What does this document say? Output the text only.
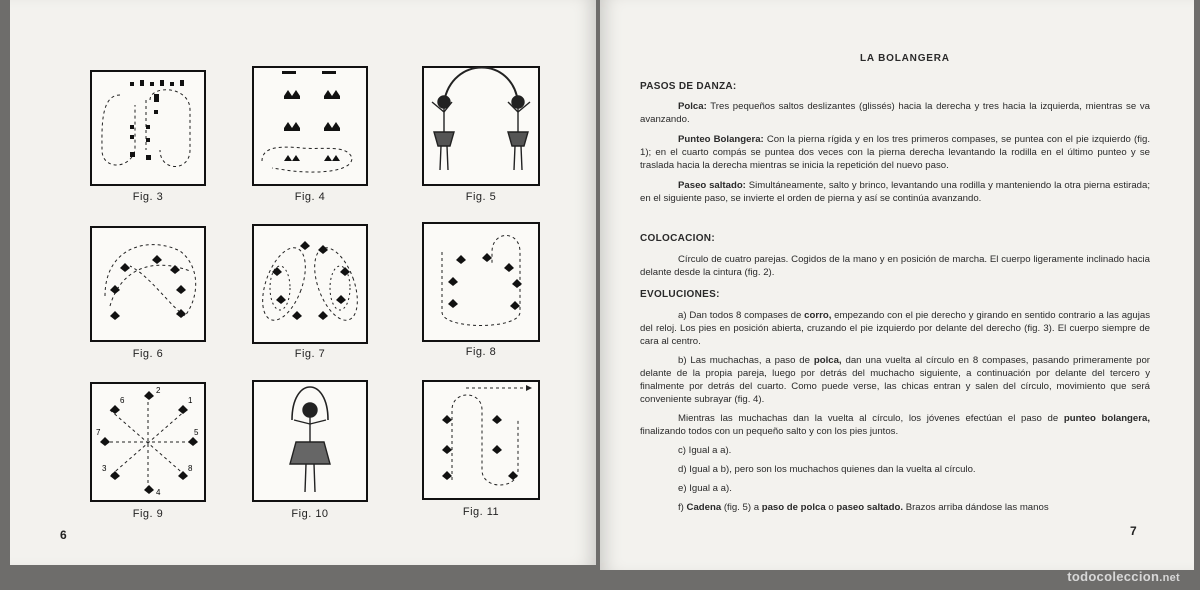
Fig. 3	Fig. 4	Fig. 5
Fig. 6	Fig. 7	Fig. 8
6
2
1
7	5
3	8
4
Fig. 9	Fig. 10	Fig. 11
6
LA BOLANGERA

PASOS DE DANZA:

Polca: Tres pequeños saltos deslizantes (glissés) hacia la derecha y tres hacia la izquierda, mientras se va avanzando.

Punteo Bolangera: Con la pierna rígida y en los tres primeros compases, se puntea con el pie izquierdo (fig. 1); en el cuarto compás se puntea dos veces con la pierna derecha levantando la rodilla en el último punteo y se traslada hacia la derecha mientras se inicia la repetición del nuevo paso.

Paseo saltado: Simultáneamente, salto y brinco, levantando una rodilla y manteniendo la otra pierna estirada; en el siguiente paso, se invierte el orden de pierna y así se continúa avanzando.

COLOCACION:

Círculo de cuatro parejas. Cogidos de la mano y en posición de marcha. El cuerpo ligeramente inclinado hacia delante desde la cintura (fig. 2).

EVOLUCIONES:

a) Dan todos 8 compases de corro, empezando con el pie derecho y girando en sentido contrario a las agujas del reloj. Los pies en posición abierta, cruzando el pie izquierdo por delante del derecho (fig. 3). El cuerpo siempre de cara al centro.

b) Las muchachas, a paso de polca, dan una vuelta al círculo en 8 compases, pasando primeramente por delante de la propia pareja, luego por detrás del muchacho siguiente, a continuación por delante del tercero y finalmente por detrás del cuarto. Como puede verse, las chicas entran y salen del círculo, movimiento que será conveniente subrayar (fig. 4).

Mientras las muchachas dan la vuelta al círculo, los jóvenes efectúan el paso de punteo bolangera, finalizando todos con un pequeño salto y con los pies juntos.

c) Igual a a).

d) Igual a b), pero son los muchachos quienes dan la vuelta al círculo.

e) Igual a a).

f) Cadena (fig. 5) a paso de polca o paseo saltado. Brazos arriba dándose las manos

7
todocoleccion.net
